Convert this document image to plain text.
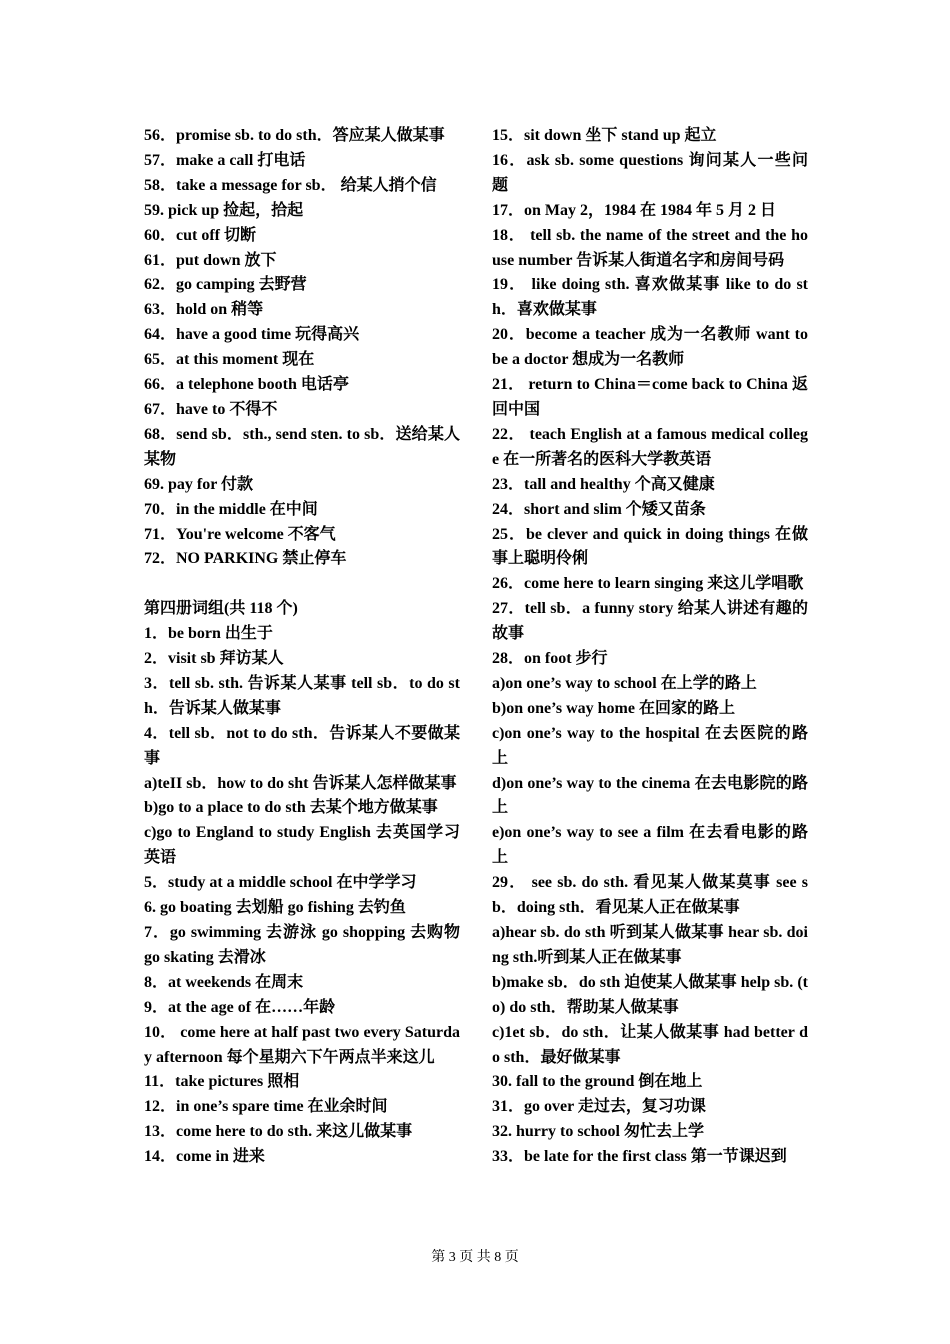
56．promise sb. to do sth．答应某人做某事

57．make a call 打电话

58．take a message for sb． 给某人捎个信

59. pick up 捡起，拾起

60．cut off 切断

61．put down 放下

62．go camping 去野营

63．hold on 稍等

64．have a good time 玩得高兴

65．at this moment 现在

66．a telephone booth 电话亭

67．have to 不得不

68．send sb．sth., send sten. to sb．送给某人某物

69. pay for 付款

70．in the middle 在中间

71．You're welcome 不客气

72．NO PARKING 禁止停车

第四册词组(共 118 个)

1．be born 出生于

2．visit sb 拜访某人

3．tell sb. sth. 告诉某人某事 tell sb．to do sth．告诉某人做某事

4．tell sb．not to do sth．告诉某人不要做某事

a)teII sb．how to do sht 告诉某人怎样做某事

b)go to a place to do sth 去某个地方做某事

c)go to England to study English 去英国学习英语

5．study at a middle school 在中学学习

6. go boating 去划船 go fishing 去钓鱼

7．go swimming 去游泳 go shopping 去购物 go skating 去滑冰

8．at weekends 在周末

9．at the age of 在……年龄

10． come here at half past two every Saturday afternoon 每个星期六下午两点半来这儿

11．take pictures 照相

12．in one’s spare time 在业余时间

13．come here to do sth. 来这儿做某事

14．come in 进来

15．sit down 坐下 stand up 起立

16．ask sb. some questions 询问某人一些问题

17．on May 2，1984 在 1984 年 5 月 2 日

18． tell sb. the name of the street and the house number 告诉某人街道名字和房间号码

19． like doing sth. 喜欢做某事 like to do sth．喜欢做某事

20．become a teacher 成为一名教师 want to be a doctor 想成为一名教师

21． return to China＝come back to China 返回中国

22． teach English at a famous medical college 在一所著名的医科大学教英语

23．tall and healthy 个高又健康

24．short and slim 个矮又苗条

25．be clever and quick in doing things 在做事上聪明伶俐

26．come here to learn singing 来这儿学唱歌

27．tell sb．a funny story 给某人讲述有趣的故事

28．on foot 步行

a)on one’s way to school 在上学的路上

b)on one’s way home 在回家的路上

c)on one’s way to the hospital 在去医院的路上

d)on one’s way to the cinema 在去电影院的路上

e)on one’s way to see a film 在去看电影的路上

29． see sb. do sth. 看见某人做某莫事 see sb．doing sth．看见某人正在做某事

a)hear sb. do sth 听到某人做某事 hear sb. doing sth.听到某人正在做某事

b)make sb．do sth 迫使某人做某事 help sb. (to) do sth．帮助某人做某事

c)1et sb．do sth．让某人做某事 had better do sth．最好做某事

30. fall to the ground 倒在地上

31．go over 走过去，复习功课

32. hurry to school 匆忙去上学

33．be late for the first class 第一节课迟到

第 3 页 共 8 页
